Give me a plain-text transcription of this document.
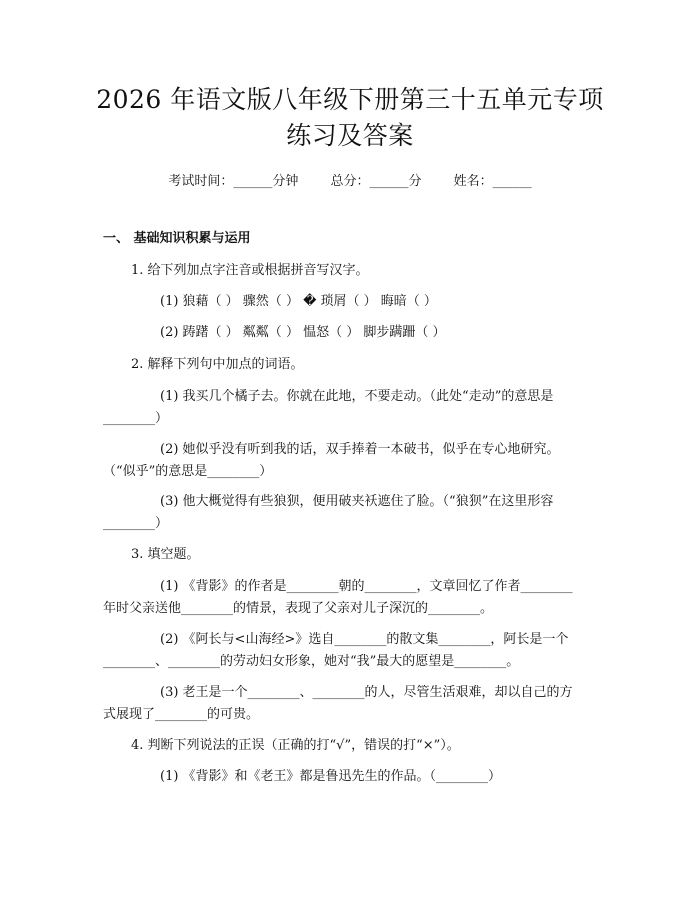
2026 年语文版八年级下册第三十五单元专项
练习及答案
考试时间：______分钟 总分：______分 姓名：______
一、 基础知识积累与运用
1. 给下列加点字注音或根据拼音写汉字。
(1) 狼藉（ ） 骤然（ ） � 琐屑（ ） 晦暗（ ）
(2) 踌躇（ ） 粼粼（ ） 愠怒（ ） 脚步蹒跚（ ）
2. 解释下列句中加点的词语。
(1) 我买几个橘子去。你就在此地，不要走动。（此处“走动”的意思是
________）
(2) 她似乎没有听到我的话，双手捧着一本破书，似乎在专心地研究。
（“似乎”的意思是________）
(3) 他大概觉得有些狼狈，便用破夹袄遮住了脸。（“狼狈”在这里形容
________）
3. 填空题。
(1) 《背影》的作者是________朝的________，文章回忆了作者________
年时父亲送他________的情景，表现了父亲对儿子深沉的________。
(2) 《阿长与<山海经>》选自________的散文集________，阿长是一个
________、________的劳动妇女形象，她对“我”最大的愿望是________。
(3) 老王是一个________、________的人，尽管生活艰难，却以自己的方
式展现了________的可贵。
4. 判断下列说法的正误（正确的打“√”，错误的打“×”）。
(1) 《背影》和《老王》都是鲁迅先生的作品。（________）
